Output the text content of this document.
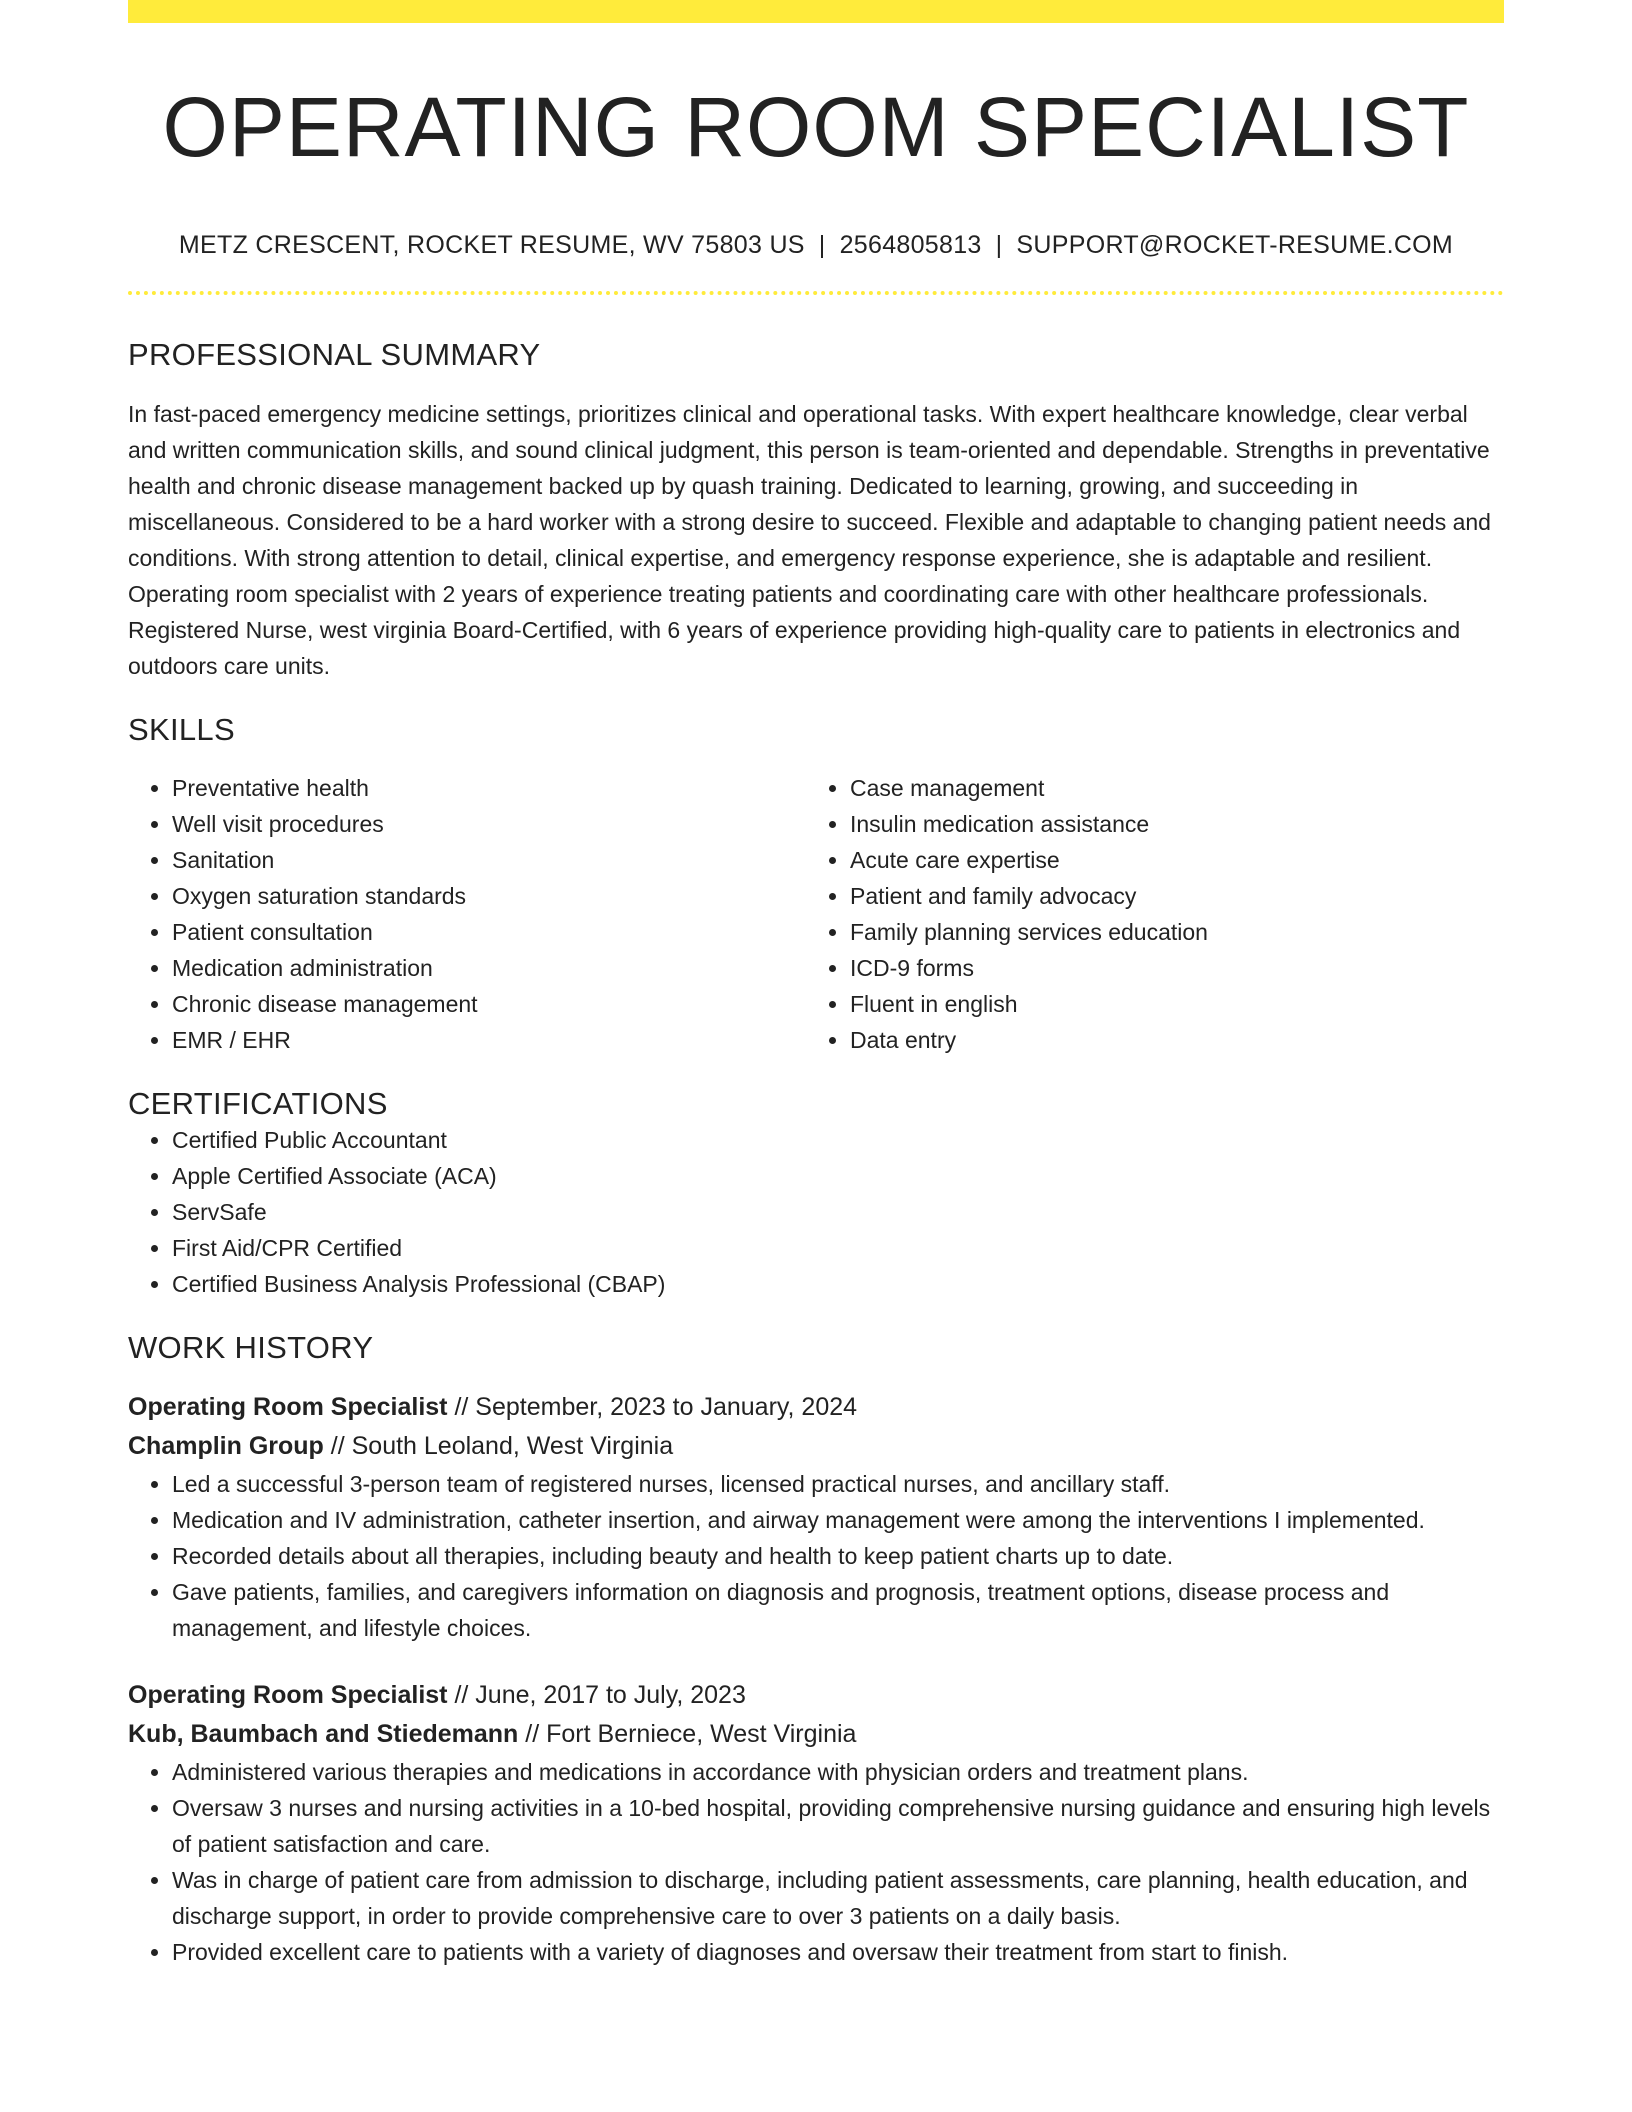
OPERATING ROOM SPECIALIST
METZ CRESCENT, ROCKET RESUME, WV 75803 US | 2564805813 | SUPPORT@ROCKET-RESUME.COM
PROFESSIONAL SUMMARY

In fast-paced emergency medicine settings, prioritizes clinical and operational tasks. With expert healthcare knowledge, clear verbal and written communication skills, and sound clinical judgment, this person is team-oriented and dependable. Strengths in preventative health and chronic disease management backed up by quash training. Dedicated to learning, growing, and succeeding in miscellaneous. Considered to be a hard worker with a strong desire to succeed. Flexible and adaptable to changing patient needs and conditions. With strong attention to detail, clinical expertise, and emergency response experience, she is adaptable and resilient. Operating room specialist with 2 years of experience treating patients and coordinating care with other healthcare professionals. Registered Nurse, west virginia Board-Certified, with 6 years of experience providing high-quality care to patients in electronics and outdoors care units.

SKILLS
• Preventative health
• Well visit procedures
• Sanitation
• Oxygen saturation standards
• Patient consultation
• Medication administration
• Chronic disease management
• EMR / EHR
• Case management
• Insulin medication assistance
• Acute care expertise
• Patient and family advocacy
• Family planning services education
• ICD-9 forms
• Fluent in english
• Data entry
CERTIFICATIONS
• Certified Public Accountant
• Apple Certified Associate (ACA)
• ServSafe
• First Aid/CPR Certified
• Certified Business Analysis Professional (CBAP)
WORK HISTORY
Operating Room Specialist // September, 2023 to January, 2024
Champlin Group // South Leoland, West Virginia
• Led a successful 3-person team of registered nurses, licensed practical nurses, and ancillary staff.
• Medication and IV administration, catheter insertion, and airway management were among the interventions I implemented.
• Recorded details about all therapies, including beauty and health to keep patient charts up to date.
• Gave patients, families, and caregivers information on diagnosis and prognosis, treatment options, disease process and management, and lifestyle choices.
Operating Room Specialist // June, 2017 to July, 2023
Kub, Baumbach and Stiedemann // Fort Berniece, West Virginia
• Administered various therapies and medications in accordance with physician orders and treatment plans.
• Oversaw 3 nurses and nursing activities in a 10-bed hospital, providing comprehensive nursing guidance and ensuring high levels of patient satisfaction and care.
• Was in charge of patient care from admission to discharge, including patient assessments, care planning, health education, and discharge support, in order to provide comprehensive care to over 3 patients on a daily basis.
• Provided excellent care to patients with a variety of diagnoses and oversaw their treatment from start to finish.
